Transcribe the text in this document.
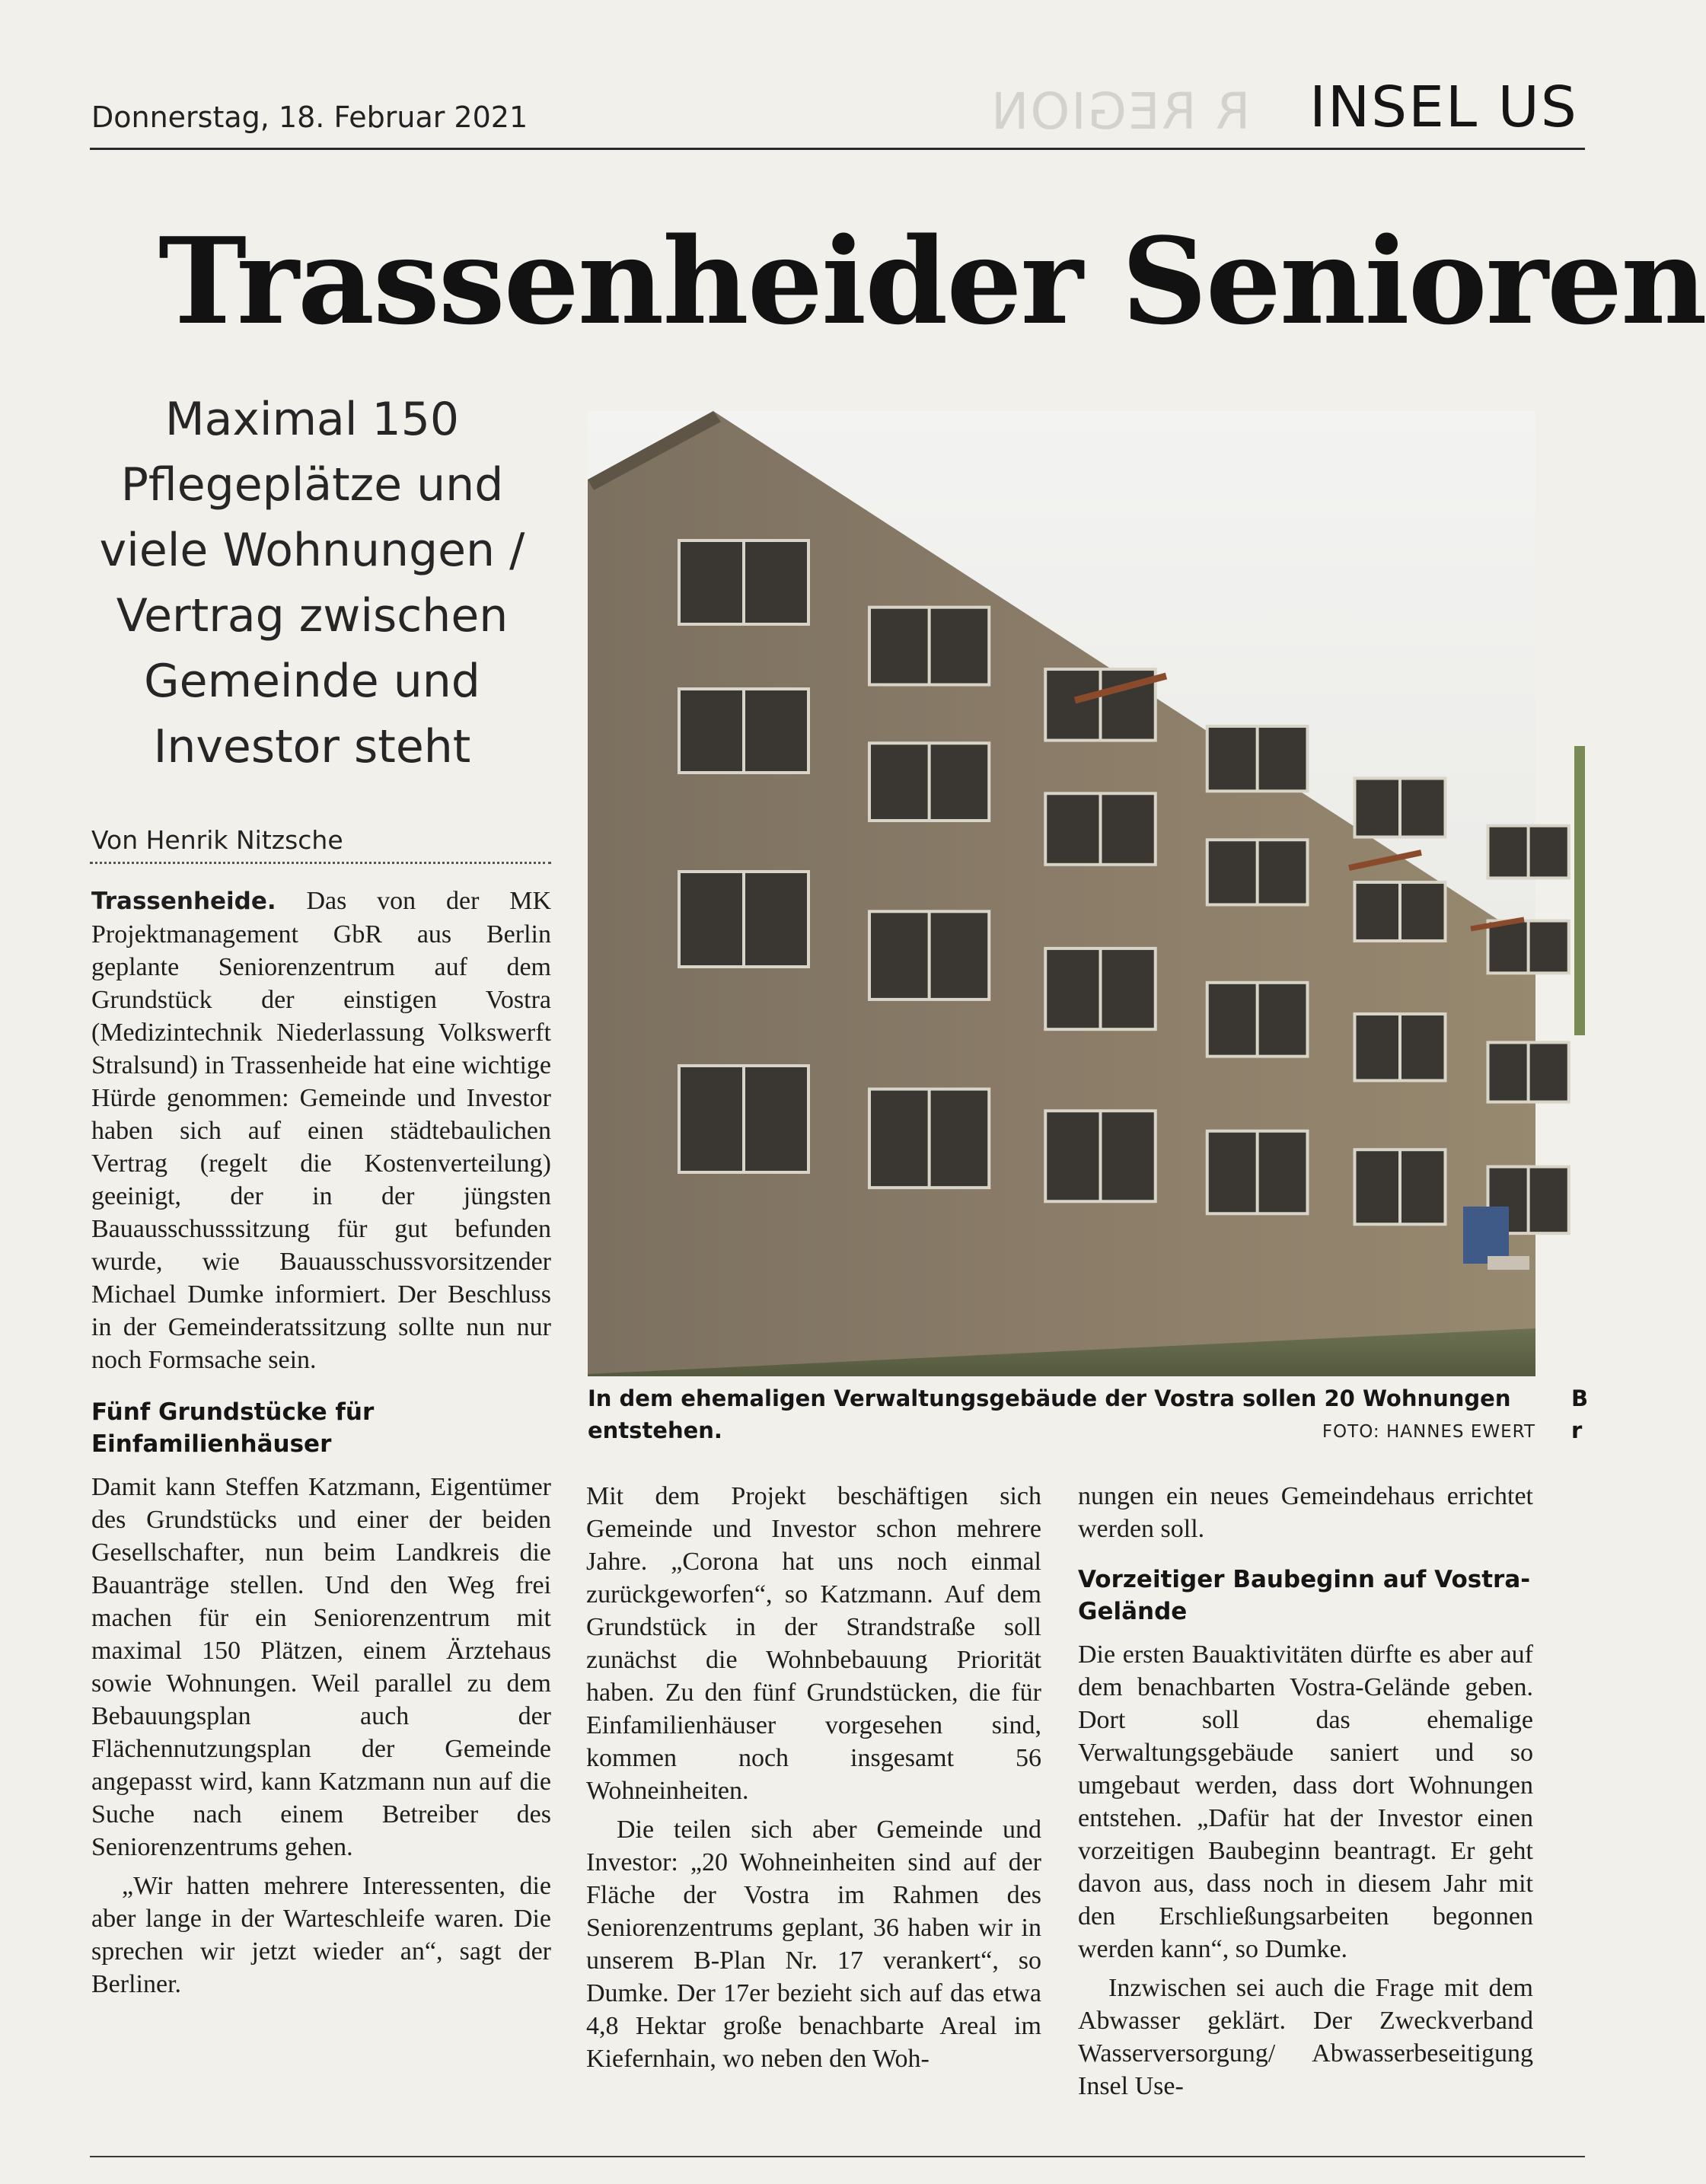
Donnerstag, 18. Februar 2021	R REGION INSEL US
Trassenheider Senioren
Maximal 150 Pflegeplätze und viele Wohnungen / Vertrag zwischen Gemeinde und Investor steht
Von Henrik Nitzsche

Trassenheide. Das von der MK Projektmanagement GbR aus Berlin geplante Seniorenzentrum auf dem Grundstück der einstigen Vostra (Medizintechnik Niederlassung Volkswerft Stralsund) in Trassenheide hat eine wichtige Hürde genommen: Gemeinde und Investor haben sich auf einen städtebaulichen Vertrag (regelt die Kostenverteilung) geeinigt, der in der jüngsten Bauausschusssitzung für gut befunden wurde, wie Bauausschussvorsitzender Michael Dumke informiert. Der Beschluss in der Gemeinderatssitzung sollte nun nur noch Formsache sein.

Fünf Grundstücke für Einfamilienhäuser

Damit kann Steffen Katzmann, Eigentümer des Grundstücks und einer der beiden Gesellschafter, nun beim Landkreis die Bauanträge stellen. Und den Weg frei machen für ein Seniorenzentrum mit maximal 150 Plätzen, einem Ärztehaus sowie Wohnungen. Weil parallel zu dem Bebauungsplan auch der Flächennutzungsplan der Gemeinde angepasst wird, kann Katzmann nun auf die Suche nach einem Betreiber des Seniorenzentrums gehen.

„Wir hatten mehrere Interessenten, die aber lange in der Warteschleife waren. Die sprechen wir jetzt wieder an“, sagt der Berliner.

Mit dem Projekt beschäftigen sich Gemeinde und Investor schon mehrere Jahre. „Corona hat uns noch einmal zurückgeworfen“, so Katzmann. Auf dem Grundstück in der Strandstraße soll zunächst die Wohnbebauung Priorität haben. Zu den fünf Grundstücken, die für Einfamilienhäuser vorgesehen sind, kommen noch insgesamt 56 Wohneinheiten.

Die teilen sich aber Gemeinde und Investor: „20 Wohneinheiten sind auf der Fläche der Vostra im Rahmen des Seniorenzentrums geplant, 36 haben wir in unserem B-Plan Nr. 17 verankert“, so Dumke. Der 17er bezieht sich auf das etwa 4,8 Hektar große benachbarte Areal im Kiefernhain, wo neben den Woh-

nungen ein neues Gemeindehaus errichtet werden soll.

Vorzeitiger Baubeginn auf Vostra-Gelände

Die ersten Bauaktivitäten dürfte es aber auf dem benachbarten Vostra-Gelände geben. Dort soll das ehemalige Verwaltungsgebäude saniert und so umgebaut werden, dass dort Wohnungen entstehen. „Dafür hat der Investor einen vorzeitigen Baubeginn beantragt. Er geht davon aus, dass noch in diesem Jahr mit den Erschließungsarbeiten begonnen werden kann“, so Dumke.

Inzwischen sei auch die Frage mit dem Abwasser geklärt. Der Zweckverband Wasserversorgung/ Abwasserbeseitigung Insel Use-

In dem ehemaligen Verwaltungsgebäude der Vostra sollen 20 Wohnungen entstehen.	FOTO: HANNES EWERT
B
r
